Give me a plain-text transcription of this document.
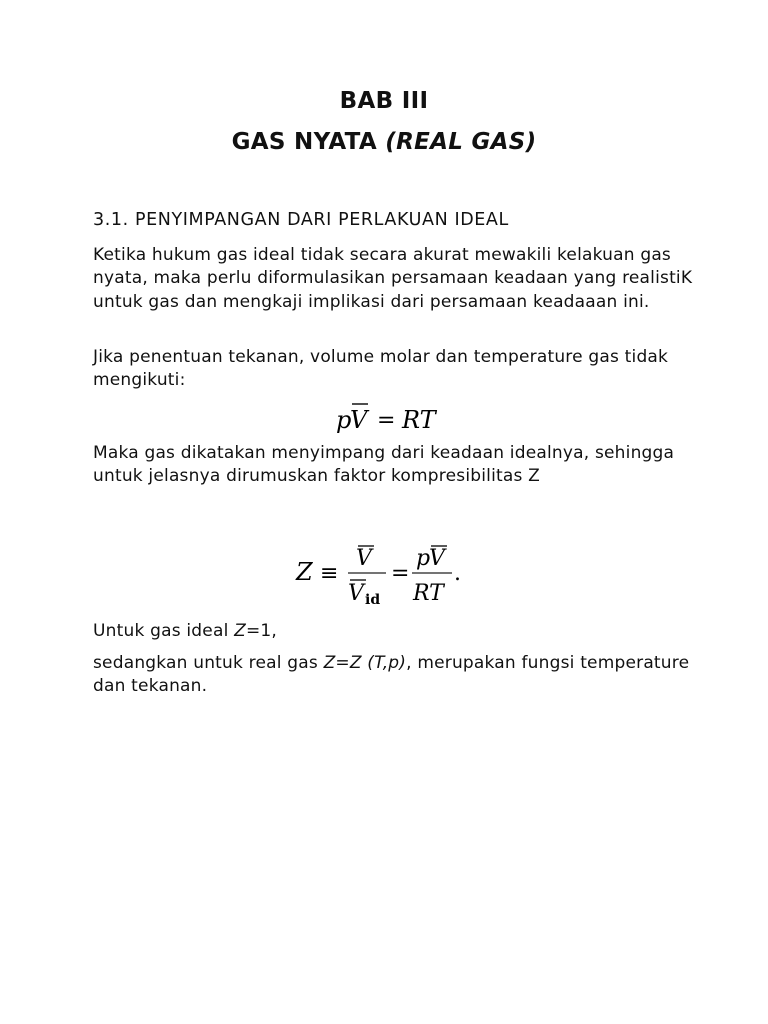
BAB III
GAS NYATA (REAL GAS)
3.1. PENYIMPANGAN DARI PERLAKUAN IDEAL

Ketika hukum gas ideal tidak secara akurat mewakili kelakuan gas nyata, maka perlu diformulasikan persamaan keadaan yang realistiK untuk gas dan mengkaji implikasi dari persamaan keadaaan ini.

Jika penentuan tekanan, volume molar dan temperature gas tidak mengikuti:

p
V = RT

Maka gas dikatakan menyimpang dari keadaan idealnya, sehingga untuk jelasnya dirumuskan faktor kompresibilitas Z

Z ≡
V
V id
=
p
V
RT
.

Untuk gas ideal Z=1,

sedangkan untuk real gas Z=Z (T,p), merupakan fungsi temperature dan tekanan.
